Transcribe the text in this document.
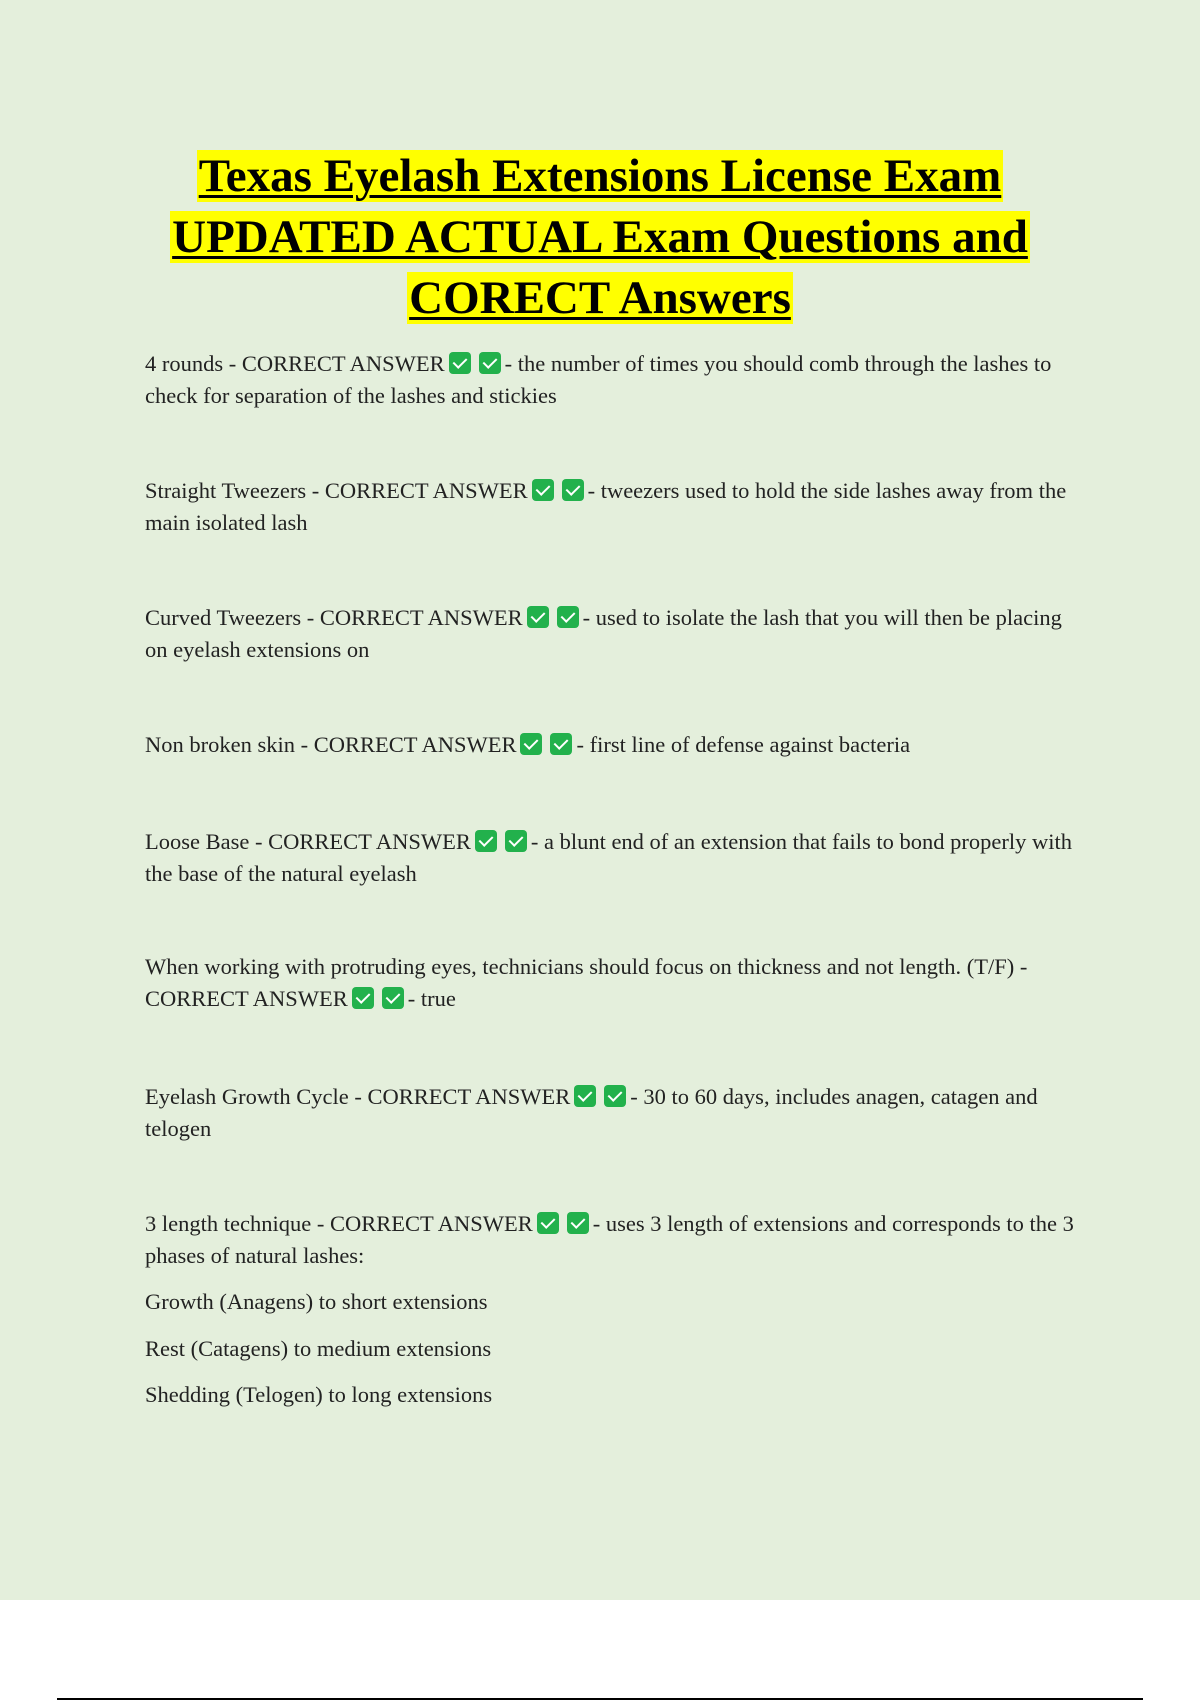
Texas Eyelash Extensions License Exam
UPDATED ACTUAL Exam Questions and
CORECT Answers
4 rounds - CORRECT ANSWER	- the number of times you should comb through the lashes to check for separation of the lashes and stickies
Straight Tweezers - CORRECT ANSWER	- tweezers used to hold the side lashes away from the main isolated lash
Curved Tweezers - CORRECT ANSWER	- used to isolate the lash that you will then be placing on eyelash extensions on
Non broken skin - CORRECT ANSWER	- first line of defense against bacteria
Loose Base - CORRECT ANSWER	- a blunt end of an extension that fails to bond properly with the base of the natural eyelash
When working with protruding eyes, technicians should focus on thickness and not length. (T/F) - CORRECT ANSWER	- true
Eyelash Growth Cycle - CORRECT ANSWER	- 30 to 60 days, includes anagen, catagen and telogen
3 length technique - CORRECT ANSWER	- uses 3 length of extensions and corresponds to the 3 phases of natural lashes:
Growth (Anagens) to short extensions
Rest (Catagens) to medium extensions
Shedding (Telogen) to long extensions
